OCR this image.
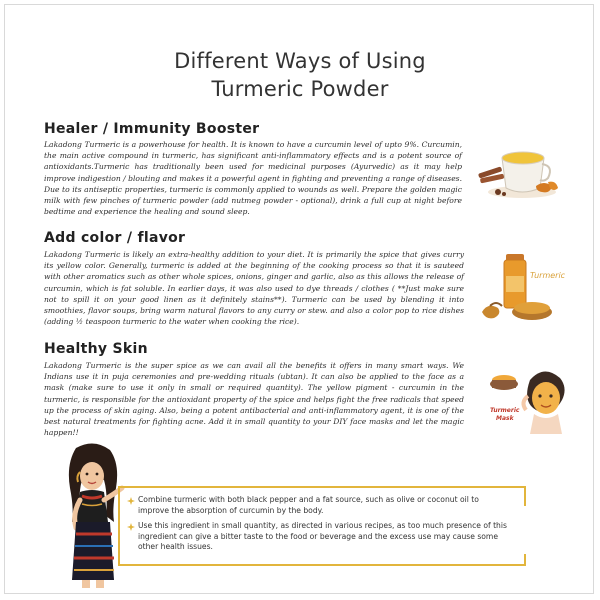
Different Ways of Using
Turmeric Powder
Healer / Immunity Booster

Lakadong Turmeric is a powerhouse for health. It is known to have a curcumin level of upto 9%. Curcumin, the main active compound in turmeric, has significant anti-inflammatory effects and is a potent source of antioxidants.Turmeric has traditionally been used for medicinal purposes (Ayurvedic) as it may help improve indigestion / blouting and makes it a powerful agent in fighting and preventing a range of diseases. Due to its antiseptic properties, turmeric is commonly applied to wounds as well. Prepare the golden magic milk with few pinches of turmeric powder (add nutmeg powder - optional), drink a full cup at night before bedtime and experience the healing and sound sleep.

Add color / flavor

Lakadong Turmeric is likely an extra-healthy addition to your diet. It is primarily the spice that gives curry its yellow color. Generally, turmeric is added at the beginning of the cooking process so that it is sauteed with other aromatics such as other whole spices, onions, ginger and garlic, also as this allows the release of curcumin, which is fat soluble. In earlier days, it was also used to dye threads / clothes ( **Just make sure not to spill it on your good linen as it definitely stains**). Turmeric can be used by blending it into smoothies, flavor soups, bring warm natural flavors to any curry or stew. and also a color pop to rice dishes (adding ½ teaspoon turmeric to the water when cooking the rice).

Turmeric
Healthy Skin

Lakadong Turmeric is the super spice as we can avail all the benefits it offers in many smart ways. We Indians use it in puja ceremonies and pre-wedding rituals (ubtan). It can also be applied to the face as a mask (make sure to use it only in small or required quantity). The yellow pigment - curcumin in the turmeric, is responsible for the antioxidant property of the spice and helps fight the free radicals that speed up the process of skin aging. Also, being a potent antibacterial and anti-inflammatory agent, it is one of the best natural treatments for fighting acne. Add it in small quantity to your DIY face masks and let the magic happen!!

Turmeric
Mask

Combine turmeric with both black pepper and a fat source, such as olive or coconut oil to improve the absorption of curcumin by the body.

Use this ingredient in small quantity, as directed in various recipes, as too much presence of this ingredient can give a bitter taste to the food or beverage and the excess use may cause some other health issues.
